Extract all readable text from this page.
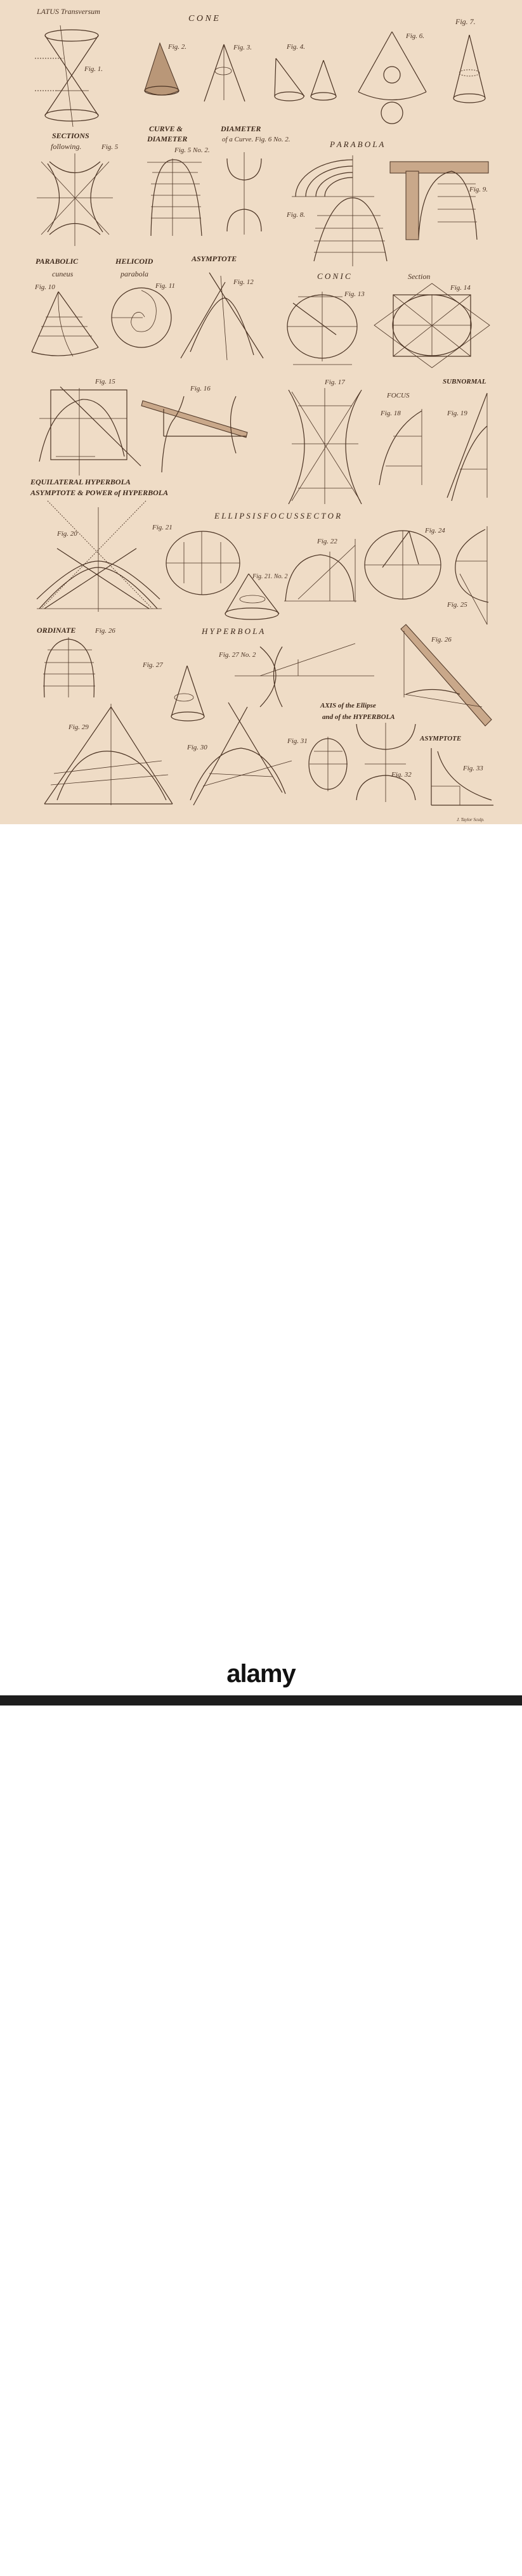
LATUS Transversum
C O N E	Fig. 7.
Fig. 1.
Fig. 2.	Fig. 3.	Fig. 4.
Fig. 6.
SECTIONS
following.	Fig. 5
CURVE &
DIAMETER
Fig. 5 No. 2.
DIAMETER
of a Curve. Fig. 6 No. 2.	P A R A B O L A
Fig. 8.
Fig. 9.
PARABOLIC
cuneus
Fig. 10
HELICOID
parabola
ASYMPTOTE
C O N I C	Section
Fig. 11	Fig. 12
Fig. 13
Fig. 14
Fig. 15
Fig. 16
Fig. 17
FOCUS
Fig. 18
SUBNORMAL
Fig. 19
EQUILATERAL HYPERBOLA
ASYMPTOTE & POWER of HYPERBOLA
E L L I P S I S F O C U S S E C T O R
Fig. 20
Fig. 21
Fig. 21. No. 2
Fig. 22
Fig. 24
Fig. 25
ORDINATE	Fig. 26	H Y P E R B O L A
Fig. 27
Fig. 27 No. 2
Fig. 26
Fig. 29
Fig. 30
Fig. 31
AXIS of the Ellipse
and of the HYPERBOLA
Fig. 32
ASYMPTOTE
Fig. 33
J. Taylor Sculp.
alamy
www.alamy.com	2ACR6H3
